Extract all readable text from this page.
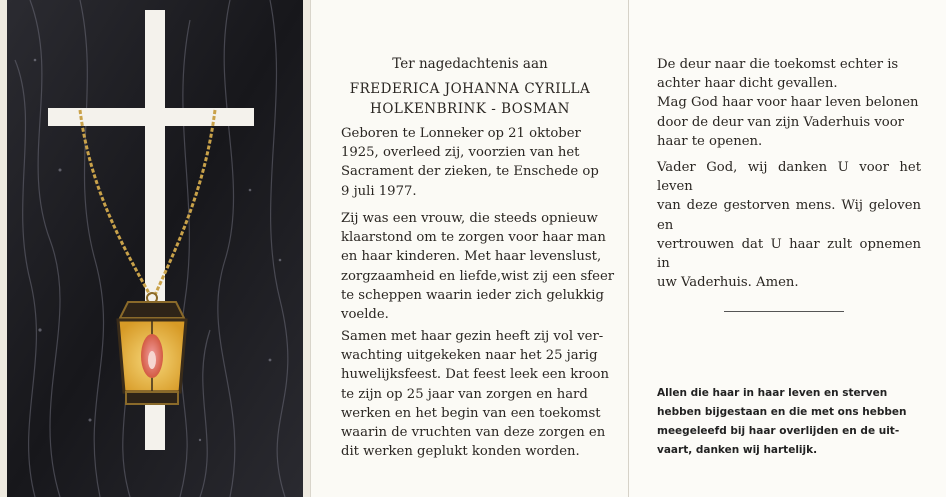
Ter nagedachtenis aan
FREDERICA JOHANNA CYRILLA
HOLKENBRINK - BOSMAN

Geboren te Lonneker op 21 oktober
1925, overleed zij, voorzien van het
Sacrament der zieken, te Enschede op
9 juli 1977.

Zij was een vrouw, die steeds opnieuw
klaarstond om te zorgen voor haar man
en haar kinderen. Met haar levenslust,
zorgzaamheid en liefde,wist zij een sfeer
te scheppen waarin ieder zich gelukkig
voelde.

Samen met haar gezin heeft zij vol ver-
wachting uitgekeken naar het 25 jarig
huwelijksfeest. Dat feest leek een kroon
te zijn op 25 jaar van zorgen en hard
werken en het begin van een toekomst
waarin de vruchten van deze zorgen en
dit werken geplukt konden worden.

De deur naar die toekomst echter is
achter haar dicht gevallen.
Mag God haar voor haar leven belonen
door de deur van zijn Vaderhuis voor
haar te openen.

Vader God, wij danken U voor het leven
van deze gestorven mens. Wij geloven en
vertrouwen dat U haar zult opnemen in
uw Vaderhuis. Amen.

Allen die haar in haar leven en sterven
hebben bijgestaan en die met ons hebben
meegeleefd bij haar overlijden en de uit-
vaart, danken wij hartelijk.
